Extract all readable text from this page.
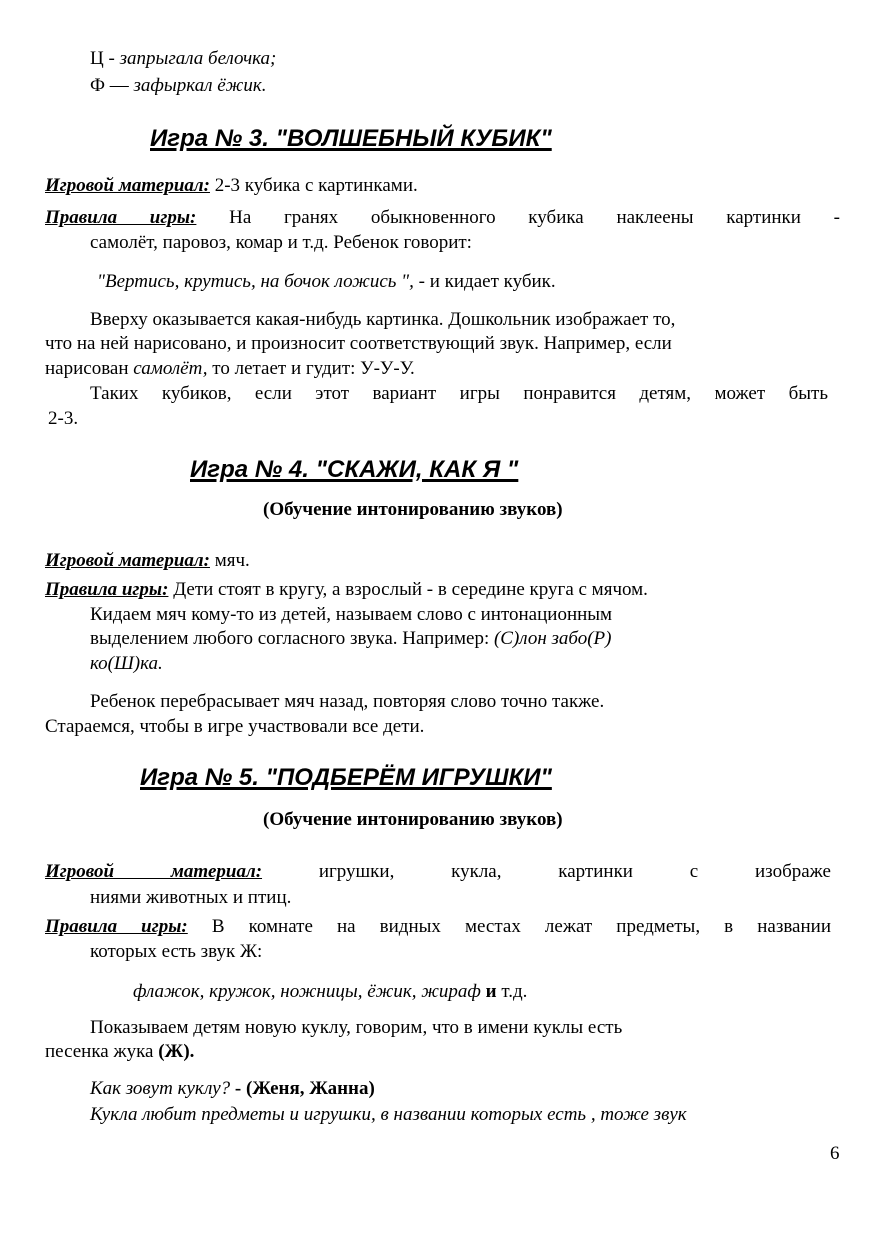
Ц - запрыгала белочка;
Ф — зафыркал ёжик.
Игра № 3. "ВОЛШЕБНЫЙ КУБИК"
Игровой материал: 2-3 кубика с картинками.
Правила игры: На гранях обыкновенного кубика наклеены картинки -
самолёт, паровоз, комар и т.д. Ребенок говорит:
"Вертись, крутись, на бочок ложись ", - и кидает кубик.
Вверху оказывается какая-нибудь картинка. Дошкольник изображает то,
что на ней нарисовано, и произносит соответствующий звук. Например, если
нарисован самолёт, то летает и гудит: У-У-У.
Таких кубиков, если этот вариант игры понравится детям, может быть
2-3.
Игра № 4. "СКАЖИ, КАК Я "
(Обучение интонированию звуков)
Игровой материал: мяч.
Правила игры: Дети стоят в кругу, а взрослый - в середине круга с мячом.
Кидаем мяч кому-то из детей, называем слово с интонационным
выделением любого согласного звука. Например: (С)лон забо(Р)
ко(Ш)ка.
Ребенок перебрасывает мяч назад, повторяя слово точно также.
Стараемся, чтобы в игре участвовали все дети.
Игра № 5. "ПОДБЕРЁМ ИГРУШКИ"
(Обучение интонированию звуков)
Игровой материал: игрушки, кукла, картинки с изображе
ниями животных и птиц.
Правила игры: В комнате на видных местах лежат предметы, в названии
которых есть звук Ж:
флажок, кружок, ножницы, ёжик, жираф и т.д.
Показываем детям новую куклу, говорим, что в имени куклы есть
песенка жука (Ж).
Как зовут куклу? - (Женя, Жанна)
Кукла любит предметы и игрушки, в названии которых есть , тоже звук
6
